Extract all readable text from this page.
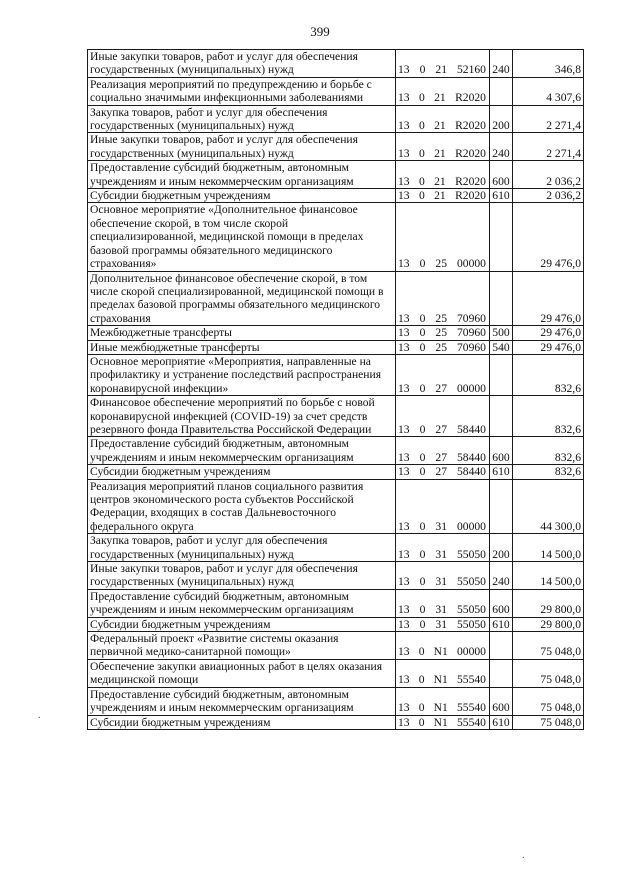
399
Иные закупки товаров, работ и услуг для обеспечения государственных (муниципальных) нужд	13 0 21 52160	240	346,8
Реализация мероприятий по предупреждению и борьбе с социально значимыми инфекционными заболеваниями	13 0 21 R2020		4 307,6
Закупка товаров, работ и услуг для обеспечения государственных (муниципальных) нужд	13 0 21 R2020	200	2 271,4
Иные закупки товаров, работ и услуг для обеспечения государственных (муниципальных) нужд	13 0 21 R2020	240	2 271,4
Предоставление субсидий бюджетным, автономным учреждениям и иным некоммерческим организациям	13 0 21 R2020	600	2 036,2
Субсидии бюджетным учреждениям	13 0 21 R2020	610	2 036,2
Основное мероприятие «Дополнительное финансовое обеспечение скорой, в том числе скорой специализированной, медицинской помощи в пределах базовой программы обязательного медицинского страхования»	13 0 25 00000		29 476,0
Дополнительное финансовое обеспечение скорой, в том числе скорой специализированной, медицинской помощи в пределах базовой программы обязательного медицинского страхования	13 0 25 70960		29 476,0
Межбюджетные трансферты	13 0 25 70960	500	29 476,0
Иные межбюджетные трансферты	13 0 25 70960	540	29 476,0
Основное мероприятие «Мероприятия, направленные на профилактику и устранение последствий распространения коронавирусной инфекции»	13 0 27 00000		832,6
Финансовое обеспечение мероприятий по борьбе с новой коронавирусной инфекцией (COVID-19) за счет средств резервного фонда Правительства Российской Федерации	13 0 27 58440		832,6
Предоставление субсидий бюджетным, автономным учреждениям и иным некоммерческим организациям	13 0 27 58440	600	832,6
Субсидии бюджетным учреждениям	13 0 27 58440	610	832,6
Реализация мероприятий планов социального развития центров экономического роста субъектов Российской Федерации, входящих в состав Дальневосточного федерального округа	13 0 31 00000		44 300,0
Закупка товаров, работ и услуг для обеспечения государственных (муниципальных) нужд	13 0 31 55050	200	14 500,0
Иные закупки товаров, работ и услуг для обеспечения государственных (муниципальных) нужд	13 0 31 55050	240	14 500,0
Предоставление субсидий бюджетным, автономным учреждениям и иным некоммерческим организациям	13 0 31 55050	600	29 800,0
Субсидии бюджетным учреждениям	13 0 31 55050	610	29 800,0
Федеральный проект «Развитие системы оказания первичной медико-санитарной помощи»	13 0 N1 00000		75 048,0
Обеспечение закупки авиационных работ в целях оказания медицинской помощи	13 0 N1 55540		75 048,0
Предоставление субсидий бюджетным, автономным учреждениям и иным некоммерческим организациям	13 0 N1 55540	600	75 048,0
Субсидии бюджетным учреждениям	13 0 N1 55540	610	75 048,0
.
.
